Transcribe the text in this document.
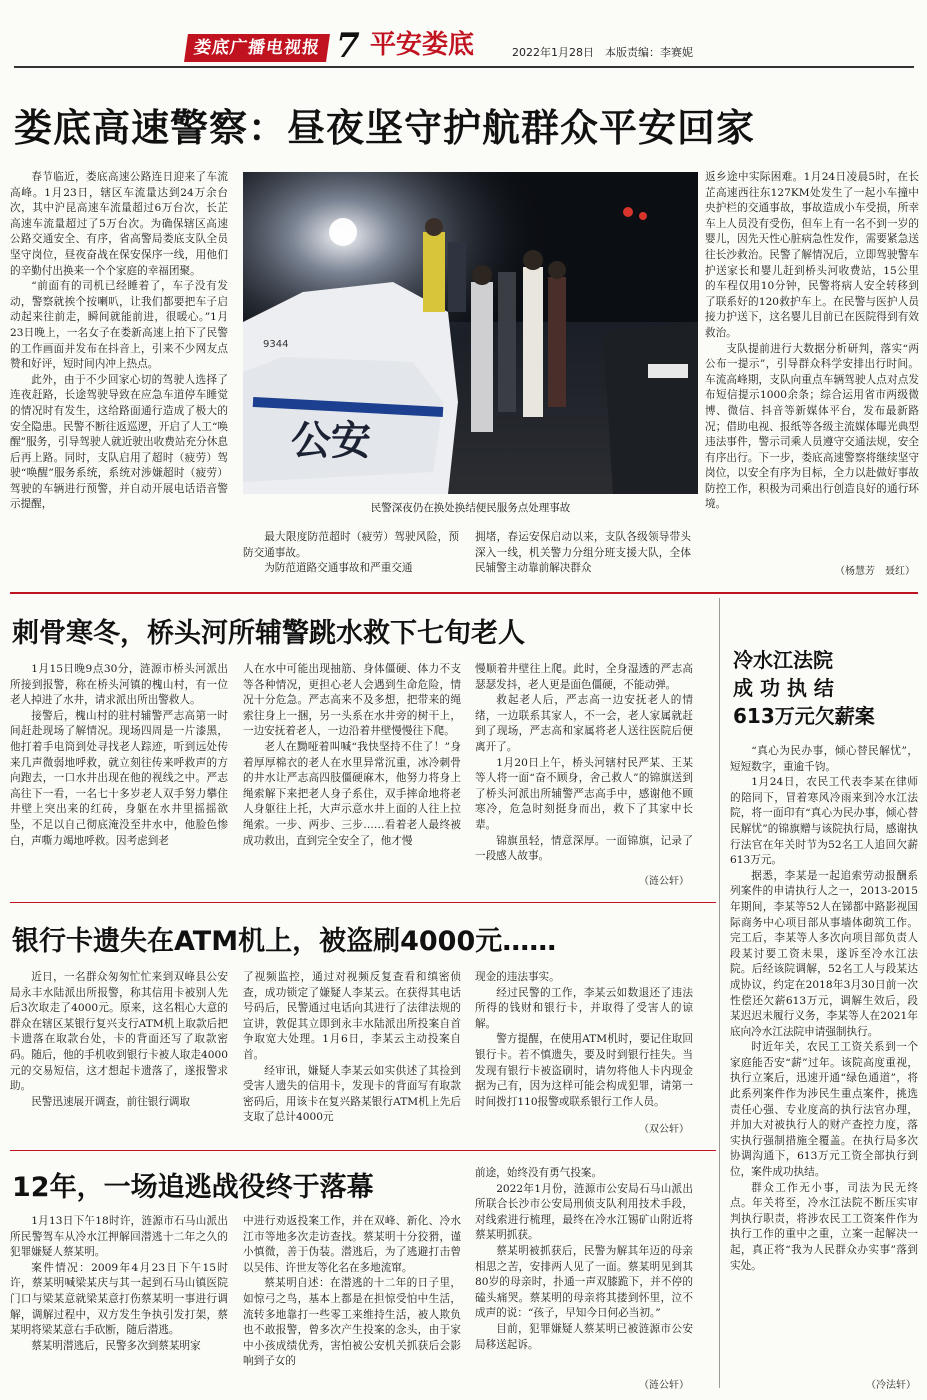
娄底广播电视报 7 平安娄底	2022年1月28日　本版责编：李赛妮
娄底高速警察：昼夜坚守护航群众平安回家

春节临近，娄底高速公路连日迎来了车流高峰。1月23日，辖区车流量达到24万余台次，其中沪昆高速车流量超过6万台次，长芷高速车流量超过了5万台次。为确保辖区高速公路交通安全、有序，省高警局娄底支队全员坚守岗位，昼夜奋战在保安保序一线，用他们的辛勤付出换来一个个家庭的幸福团聚。

“前面有的司机已经睡着了，车子没有发动，警察就挨个按喇叭，让我们都要把车子启动起来往前走，瞬间就能前进，很暖心。”1月23日晚上，一名女子在娄新高速上拍下了民警的工作画面并发布在抖音上，引来不少网友点赞和好评，短时间内冲上热点。

此外，由于不少回家心切的驾驶人选择了连夜赶路，长途驾驶导致在应急车道停车睡觉的情况时有发生，这给路面通行造成了极大的安全隐患。民警不断往返巡逻，开启了人工“唤醒”服务，引导驾驶人就近驶出收费站充分休息后再上路。同时，支队启用了超时（疲劳）驾驶“唤醒”服务系统，系统对涉嫌超时（疲劳）驾驶的车辆进行预警，并自动开展电话语音警示提醒，

公安
9344
民警深夜仍在换处换结便民服务点处理事故

最大限度防范超时（疲劳）驾驶风险，预防交通事故。

为防范道路交通事故和严重交通

拥堵，春运安保启动以来，支队各级领导带头深入一线，机关警力分组分班支援大队，全体民辅警主动靠前解决群众

返乡途中实际困难。1月24日凌晨5时，在长芷高速西往东127KM处发生了一起小车撞中央护栏的交通事故，事故造成小车受损，所幸车上人员没有受伤，但车上有一名不到一岁的婴儿，因先天性心脏病急性发作，需要紧急送往长沙救治。民警了解情况后，立即驾驶警车护送家长和婴儿赶到桥头河收费站，15公里的车程仅用10分钟，民警将病人安全转移到了联系好的120救护车上。在民警与医护人员接力护送下，这名婴儿目前已在医院得到有效救治。

支队提前进行大数据分析研判，落实“两公布一提示”，引导群众科学安排出行时间。车流高峰期，支队向重点车辆驾驶人点对点发布短信提示1000余条；综合运用省市两级微博、微信、抖音等新媒体平台，发布最新路况；借助电视、报纸等各级主流媒体曝光典型违法事件，警示司乘人员遵守交通法规，安全有序出行。下一步，娄底高速警察将继续坚守岗位，以安全有序为目标，全力以赴做好事故防控工作，积极为司乘出行创造良好的通行环境。

（杨慧芳　聂红）
刺骨寒冬，桥头河所辅警跳水救下七旬老人

1月15日晚9点30分，涟源市桥头河派出所接到报警，称在桥头河镇的槐山村，有一位老人掉进了水井，请求派出所出警救人。

接警后，槐山村的驻村辅警严志高第一时间赶赴现场了解情况。现场四周是一片漆黑，他打着手电筒到处寻找老人踪迹，听到远处传来几声微弱地呼救，就立刻往传来呼救声的方向跑去，一口水井出现在他的视线之中。严志高往下一看，一名七十多岁老人双手努力攀住井壁上突出来的红砖，身躯在水井里摇摇欲坠，不足以自己彻底淹没至井水中，他脸色惨白，声嘶力竭地呼救。因考虑到老

人在水中可能出现抽筋、身体僵硬、体力不支等各种情况，更担心老人会遇到生命危险，情况十分危急。严志高来不及多想，把带来的绳索往身上一捆，另一头系在水井旁的树干上，一边安抚着老人，一边沿着井壁慢慢往下爬。

老人在黝哑着叫喊“我快坚持不住了！”身着厚厚棉衣的老人在水里异常沉重，冰冷刺骨的井水让严志高四肢僵硬麻木，他努力将身上绳索解下来把老人身子系住，双手摔命地将老人身躯往上托，大声示意水井上面的人往上拉绳索。一步、两步、三步……看着老人最终被成功救出，直到完全安全了，他才慢

慢顺着井壁往上爬。此时，全身湿透的严志高瑟瑟发抖，老人更是面色僵硬，不能动弹。

救起老人后，严志高一边安抚老人的情绪，一边联系其家人，不一会，老人家属就赶到了现场，严志高和家属将老人送往医院后便离开了。

1月20日上午，桥头河辖村民严某、王某等人将一面“奋不顾身，舍己救人”的锦旗送到了桥头河派出所辅警严志高手中，感谢他不顾寒冷，危急时刻挺身而出，救下了其家中长辈。

锦旗虽轻，情意深厚。一面锦旗，记录了一段感人故事。

（涟公轩）
冷水江法院
成 功 执 结
613万元欠薪案

“真心为民办事，倾心替民解忧”，短短数字，重逾千钧。

1月24日，农民工代表李某在律师的陪同下，冒着寒风冷雨来到冷水江法院，将一面印有“真心为民办事，倾心替民解忧”的锦旗赠与该院执行局，感谢执行法官在年关时节为52名工人追回欠薪613万元。

据悉，李某是一起追索劳动报酬系列案件的申请执行人之一，2013-2015年期间，李某等52人在锑都中路影视国际商务中心项目部从事墙体砌筑工作。完工后，李某等人多次向项目部负责人段某讨要工资未果，遂诉至冷水江法院。后经该院调解，52名工人与段某达成协议，约定在2018年3月30日前一次性偿还欠薪613万元，调解生效后，段某迟迟未履行义务，李某等人在2021年底向冷水江法院申请强制执行。

时近年关，农民工工资关系到一个家庭能否安“薪”过年。该院高度重视，执行立案后，迅速开通“绿色通道”，将此系列案件作为涉民生重点案件，挑选责任心强、专业度高的执行法官办理，并加大对被执行人的财产查控力度，落实执行强制措施全覆盖。在执行局多次协调沟通下，613万元工资全部执行到位，案件成功执结。

群众工作无小事，司法为民无终点。年关将至，冷水江法院不断压实审判执行职责，将涉农民工工资案件作为执行工作的重中之重，立案一起解决一起，真正将“我为人民群众办实事”落到实处。

（冷法轩）
银行卡遗失在ATM机上，被盗刷4000元……

近日，一名群众匆匆忙忙来到双峰县公安局永丰水陆派出所报警，称其信用卡被别人先后3次取走了4000元。原来，这名粗心大意的群众在辖区某银行复兴支行ATM机上取款后把卡遗落在取款台处，卡的背面还写了取款密码。随后，他的手机收到银行卡被人取走4000元的交易短信，这才想起卡遗落了，遂报警求助。

民警迅速展开调查，前往银行调取

了视频监控，通过对视频反复查看和缜密侦查，成功锁定了嫌疑人李某云。在获得其电话号码后，民警通过电话向其进行了法律法规的宣讲，敦促其立即到永丰水陆派出所投案自首争取宽大处理。1月6日，李某云主动投案自首。

经审讯，嫌疑人李某云如实供述了其捡到受害人遗失的信用卡，发现卡的背面写有取款密码后，用该卡在复兴路某银行ATM机上先后支取了总计4000元

现金的违法事实。

经过民警的工作，李某云如数退还了违法所得的钱财和银行卡，并取得了受害人的谅解。

警方提醒，在使用ATM机时，要记住取回银行卡。若不慎遗失，要及时到银行挂失。当发现有银行卡被盗刷时，请勿将他人卡内现金据为己有，因为这样可能会构成犯罪，请第一时间拨打110报警或联系银行工作人员。

（双公轩）
12年，一场追逃战役终于落幕

1月13日下午18时许，涟源市石马山派出所民警驾车从冷水江押解回潜逃十二年之久的犯罪嫌疑人蔡某明。

案件情况：2009年4月23日下午15时许，蔡某明喊梁某庆与其一起到石马山镇医院门口与梁某意就梁某意打伤蔡某明一事进行调解，调解过程中，双方发生争执引发打架，蔡某明将梁某意右手砍断，随后潜逃。

蔡某明潜逃后，民警多次到蔡某明家

中进行劝返投案工作，并在双峰、新化、冷水江市等地多次走访查找。蔡某明十分狡猾，谨小慎微，善于伪装。潜逃后，为了逃避打击曾以吴伟、许世友等化名在多地流窜。

蔡某明自述：在潜逃的十二年的日子里，如惊弓之鸟，基本上都是在担惊受怕中生活，流转多地靠打一些零工来维持生活，被人欺负也不敢报警，曾多次产生投案的念头，由于家中小孩成绩优秀，害怕被公安机关抓获后会影响到子女的

前途，始终没有勇气投案。

2022年1月份，涟源市公安局石马山派出所联合长沙市公安局刑侦支队利用技术手段，对线索进行梳理，最终在冷水江锡矿山附近将蔡某明抓获。

蔡某明被抓获后，民警为解其年迈的母亲相思之苦，安排两人见了一面。蔡某明见到其80岁的母亲时，扑通一声双膝跪下，并不停的磕头痛哭。蔡某明的母亲将其搂到怀里，泣不成声的说：“孩子，早知今日何必当初。”

目前，犯罪嫌疑人蔡某明已被涟源市公安局移送起诉。

（涟公轩）
